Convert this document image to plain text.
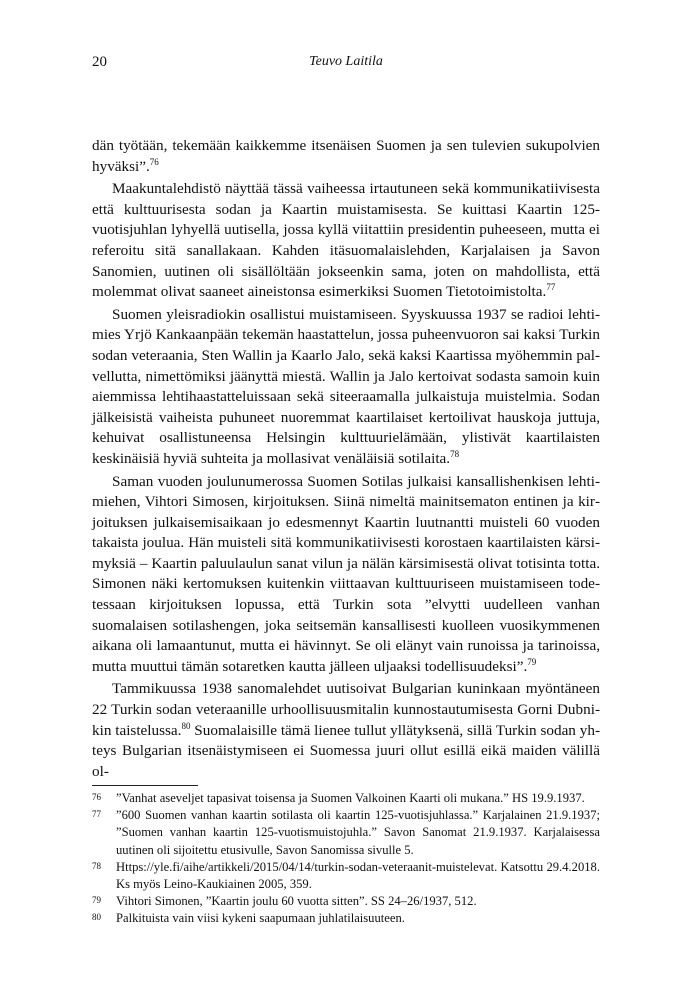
20	Teuvo Laitila

dän työtään, tekemään kaikkemme itsenäisen Suomen ja sen tulevien sukupolvien hyväksi”.$^{76}$

Maakuntalehdistö näyttää tässä vaiheessa irtautuneen sekä kommunikatiivisesta että kulttuurisesta sodan ja Kaartin muistamisesta. Se kuittasi Kaartin 125-vuotisjuhlan lyhyellä uutisella, jossa kyllä viitattiin presidentin puheeseen, mutta ei referoitu sitä sanallakaan. Kahden itäsuomalaislehden, Karjalaisen ja Savon Sanomien, uutinen oli sisällöltään jokseenkin sama, joten on mahdollista, että molemmat olivat saaneet aineistonsa esimerkiksi Suomen Tietotoimistolta.$^{77}$

Suomen yleisradiokin osallistui muistamiseen. Syyskuussa 1937 se radioi lehtimies Yrjö Kankaanpään tekemän haastattelun, jossa puheenvuoron sai kaksi Turkin sodan veteraania, Sten Wallin ja Kaarlo Jalo, sekä kaksi Kaartissa myöhemmin palvellutta, nimettömiksi jäänyttä miestä. Wallin ja Jalo kertoivat sodasta samoin kuin aiemmissa lehtihaastatteluissaan sekä siteeraamalla julkaistuja muistelmia. Sodan jälkeisistä vaiheista puhuneet nuoremmat kaartilaiset kertoilivat hauskoja juttuja, kehuivat osallistuneensa Helsingin kulttuurielämään, ylistivät kaartilaisten keskinäisiä hyviä suhteita ja mollasivat venäläisiä sotilaita.$^{78}$

Saman vuoden joulunumerossa Suomen Sotilas julkaisi kansallishenkisen lehtimiehen, Vihtori Simosen, kirjoituksen. Siinä nimeltä mainitsematon entinen ja kirjoituksen julkaisemisaikaan jo edesmennyt Kaartin luutnantti muisteli 60 vuoden takaista joulua. Hän muisteli sitä kommunikatiivisesti korostaen kaartilaisten kärsimyksiä – Kaartin paluulaulun sanat vilun ja nälän kärsimisestä olivat totisinta totta. Simonen näki kertomuksen kuitenkin viittaavan kulttuuriseen muistamiseen todetessaan kirjoituksen lopussa, että Turkin sota ”elvytti uudelleen vanhan suomalaisen sotilashengen, joka seitsemän kansallisesti kuolleen vuosikymmenen aikana oli lamaantunut, mutta ei hävinnyt. Se oli elänyt vain runoissa ja tarinoissa, mutta muuttui tämän sotaretken kautta jälleen uljaaksi todellisuudeksi”.$^{79}$

Tammikuussa 1938 sanomalehdet uutisoivat Bulgarian kuninkaan myöntäneen 22 Turkin sodan veteraanille urhoollisuusmitalin kunnostautumisesta Gorni Dubnikin taistelussa.$^{80}$ Suomalaisille tämä lienee tullut yllätyksenä, sillä Turkin sodan yhteys Bulgarian itsenäistymiseen ei Suomessa juuri ollut esillä eikä maiden välillä ol-

76 ”Vanhat aseveljet tapasivat toisensa ja Suomen Valkoinen Kaarti oli mukana.” HS 19.9.1937.
77 ”600 Suomen vanhan kaartin sotilasta oli kaartin 125-vuotisjuhlassa.” Karjalainen 21.9.1937; ”Suomen vanhan kaartin 125-vuotismuistojuhla.” Savon Sanomat 21.9.1937. Karjalaisessa uutinen oli sijoitettu etusivulle, Savon Sanomissa sivulle 5.
78 Https://yle.fi/aihe/artikkeli/2015/04/14/turkin-sodan-veteraanit-muistelevat. Katsottu 29.4.2018. Ks myös Leino-Kaukiainen 2005, 359.
79 Vihtori Simonen, ”Kaartin joulu 60 vuotta sitten”. SS 24–26/1937, 512.
80 Palkituista vain viisi kykeni saapumaan juhlatilaisuuteen.
